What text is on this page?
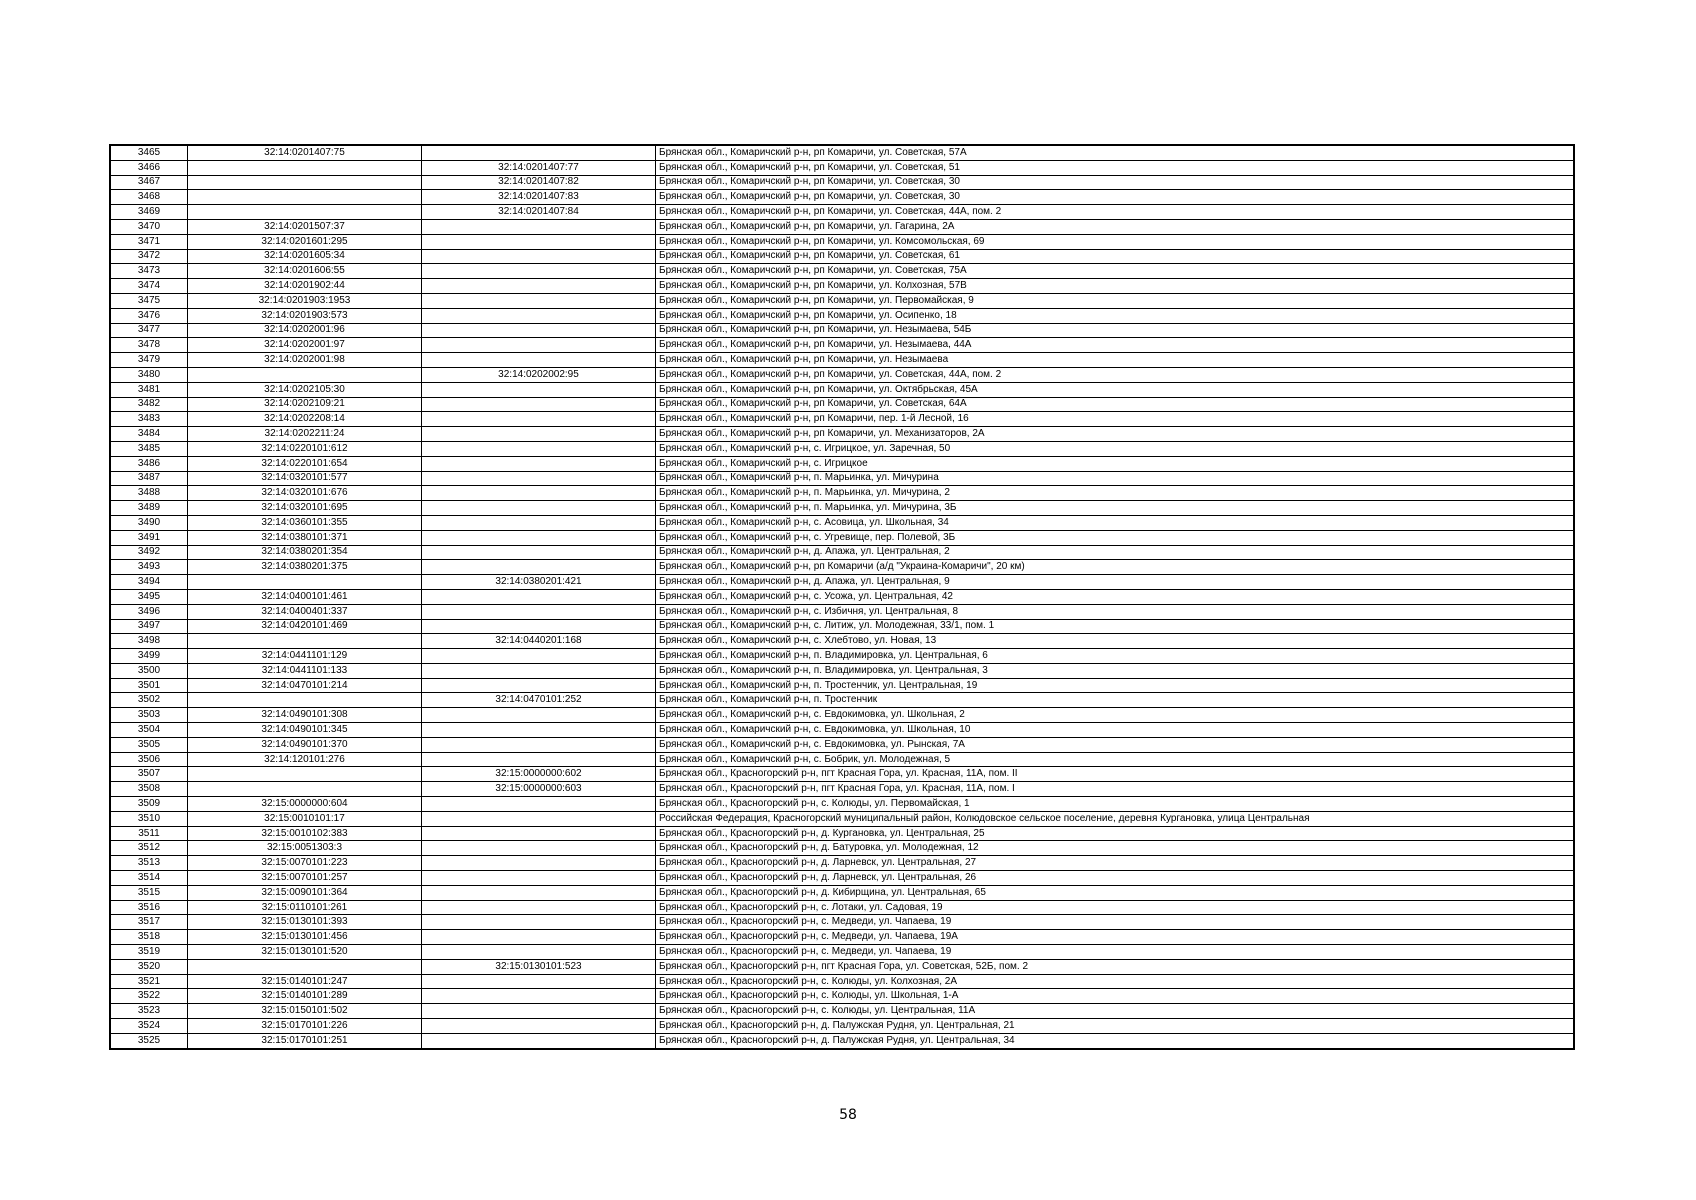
3465	32:14:0201407:75		Брянская обл., Комаричский р-н, рп Комаричи, ул. Советская, 57А
3466		32:14:0201407:77	Брянская обл., Комаричский р-н, рп Комаричи, ул. Советская, 51
3467		32:14:0201407:82	Брянская обл., Комаричский р-н, рп Комаричи, ул. Советская, 30
3468		32:14:0201407:83	Брянская обл., Комаричский р-н, рп Комаричи, ул. Советская, 30
3469		32:14:0201407:84	Брянская обл., Комаричский р-н, рп Комаричи, ул. Советская, 44А, пом. 2
3470	32:14:0201507:37		Брянская обл., Комаричский р-н, рп Комаричи, ул. Гагарина, 2А
3471	32:14:0201601:295		Брянская обл., Комаричский р-н, рп Комаричи, ул. Комсомольская, 69
3472	32:14:0201605:34		Брянская обл., Комаричский р-н, рп Комаричи, ул. Советская, 61
3473	32:14:0201606:55		Брянская обл., Комаричский р-н, рп Комаричи, ул. Советская, 75А
3474	32:14:0201902:44		Брянская обл., Комаричский р-н, рп Комаричи, ул. Колхозная, 57В
3475	32:14:0201903:1953		Брянская обл., Комаричский р-н, рп Комаричи, ул. Первомайская, 9
3476	32:14:0201903:573		Брянская обл., Комаричский р-н, рп Комаричи, ул. Осипенко, 18
3477	32:14:0202001:96		Брянская обл., Комаричский р-н, рп Комаричи, ул. Незымаева, 54Б
3478	32:14:0202001:97		Брянская обл., Комаричский р-н, рп Комаричи, ул. Незымаева, 44А
3479	32:14:0202001:98		Брянская обл., Комаричский р-н, рп Комаричи, ул. Незымаева
3480		32:14:0202002:95	Брянская обл., Комаричский р-н, рп Комаричи, ул. Советская, 44А, пом. 2
3481	32:14:0202105:30		Брянская обл., Комаричский р-н, рп Комаричи, ул. Октябрьская, 45А
3482	32:14:0202109:21		Брянская обл., Комаричский р-н, рп Комаричи, ул. Советская, 64А
3483	32:14:0202208:14		Брянская обл., Комаричский р-н, рп Комаричи, пер. 1-й Лесной, 16
3484	32:14:0202211:24		Брянская обл., Комаричский р-н, рп Комаричи, ул. Механизаторов, 2А
3485	32:14:0220101:612		Брянская обл., Комаричский р-н, с. Игрицкое, ул. Заречная, 50
3486	32:14:0220101:654		Брянская обл., Комаричский р-н, с. Игрицкое
3487	32:14:0320101:577		Брянская обл., Комаричский р-н, п. Марьинка, ул. Мичурина
3488	32:14:0320101:676		Брянская обл., Комаричский р-н, п. Марьинка, ул. Мичурина, 2
3489	32:14:0320101:695		Брянская обл., Комаричский р-н, п. Марьинка, ул. Мичурина, 3Б
3490	32:14:0360101:355		Брянская обл., Комаричский р-н, с. Асовица, ул. Школьная, 34
3491	32:14:0380101:371		Брянская обл., Комаричский р-н, с. Угревище, пер. Полевой, 3Б
3492	32:14:0380201:354		Брянская обл., Комаричский р-н, д. Апажа, ул. Центральная, 2
3493	32:14:0380201:375		Брянская обл., Комаричский р-н, рп Комаричи (а/д "Украина-Комаричи", 20 км)
3494		32:14:0380201:421	Брянская обл., Комаричский р-н, д. Апажа, ул. Центральная, 9
3495	32:14:0400101:461		Брянская обл., Комаричский р-н, с. Усожа, ул. Центральная, 42
3496	32:14:0400401:337		Брянская обл., Комаричский р-н, с. Избичня, ул. Центральная, 8
3497	32:14:0420101:469		Брянская обл., Комаричский р-н, с. Литиж, ул. Молодежная, 33/1, пом. 1
3498		32:14:0440201:168	Брянская обл., Комаричский р-н, с. Хлебтово, ул. Новая, 13
3499	32:14:0441101:129		Брянская обл., Комаричский р-н, п. Владимировка, ул. Центральная, 6
3500	32:14:0441101:133		Брянская обл., Комаричский р-н, п. Владимировка, ул. Центральная, 3
3501	32:14:0470101:214		Брянская обл., Комаричский р-н, п. Тростенчик, ул. Центральная, 19
3502		32:14:0470101:252	Брянская обл., Комаричский р-н, п. Тростенчик
3503	32:14:0490101:308		Брянская обл., Комаричский р-н, с. Евдокимовка, ул. Школьная, 2
3504	32:14:0490101:345		Брянская обл., Комаричский р-н, с. Евдокимовка, ул. Школьная, 10
3505	32:14:0490101:370		Брянская обл., Комаричский р-н, с. Евдокимовка, ул. Рынская, 7А
3506	32:14:120101:276		Брянская обл., Комаричский р-н, с. Бобрик, ул. Молодежная, 5
3507		32:15:0000000:602	Брянская обл., Красногорский р-н, пгт Красная Гора, ул. Красная, 11А, пом. II
3508		32:15:0000000:603	Брянская обл., Красногорский р-н, пгт Красная Гора, ул. Красная, 11А, пом. I
3509	32:15:0000000:604		Брянская обл., Красногорский р-н, с. Колюды, ул. Первомайская, 1
3510	32:15:0010101:17		Российская Федерация, Красногорский муниципальный район, Колюдовское сельское поселение, деревня Кургановка, улица Центральная
3511	32:15:0010102:383		Брянская обл., Красногорский р-н, д. Кургановка, ул. Центральная, 25
3512	32:15:0051303:3		Брянская обл., Красногорский р-н, д. Батуровка, ул. Молодежная, 12
3513	32:15:0070101:223		Брянская обл., Красногорский р-н, д. Ларневск, ул. Центральная, 27
3514	32:15:0070101:257		Брянская обл., Красногорский р-н, д. Ларневск, ул. Центральная, 26
3515	32:15:0090101:364		Брянская обл., Красногорский р-н, д. Кибирщина, ул. Центральная, 65
3516	32:15:0110101:261		Брянская обл., Красногорский р-н, с. Лотаки, ул. Садовая, 19
3517	32:15:0130101:393		Брянская обл., Красногорский р-н, с. Медведи, ул. Чапаева, 19
3518	32:15:0130101:456		Брянская обл., Красногорский р-н, с. Медведи, ул. Чапаева, 19А
3519	32:15:0130101:520		Брянская обл., Красногорский р-н, с. Медведи, ул. Чапаева, 19
3520		32:15:0130101:523	Брянская обл., Красногорский р-н, пгт Красная Гора, ул. Советская, 52Б, пом. 2
3521	32:15:0140101:247		Брянская обл., Красногорский р-н, с. Колюды, ул. Колхозная, 2А
3522	32:15:0140101:289		Брянская обл., Красногорский р-н, с. Колюды, ул. Школьная, 1-А
3523	32:15:0150101:502		Брянская обл., Красногорский р-н, с. Колюды, ул. Центральная, 11А
3524	32:15:0170101:226		Брянская обл., Красногорский р-н, д. Палужская Рудня, ул. Центральная, 21
3525	32:15:0170101:251		Брянская обл., Красногорский р-н, д. Палужская Рудня, ул. Центральная, 34
58
